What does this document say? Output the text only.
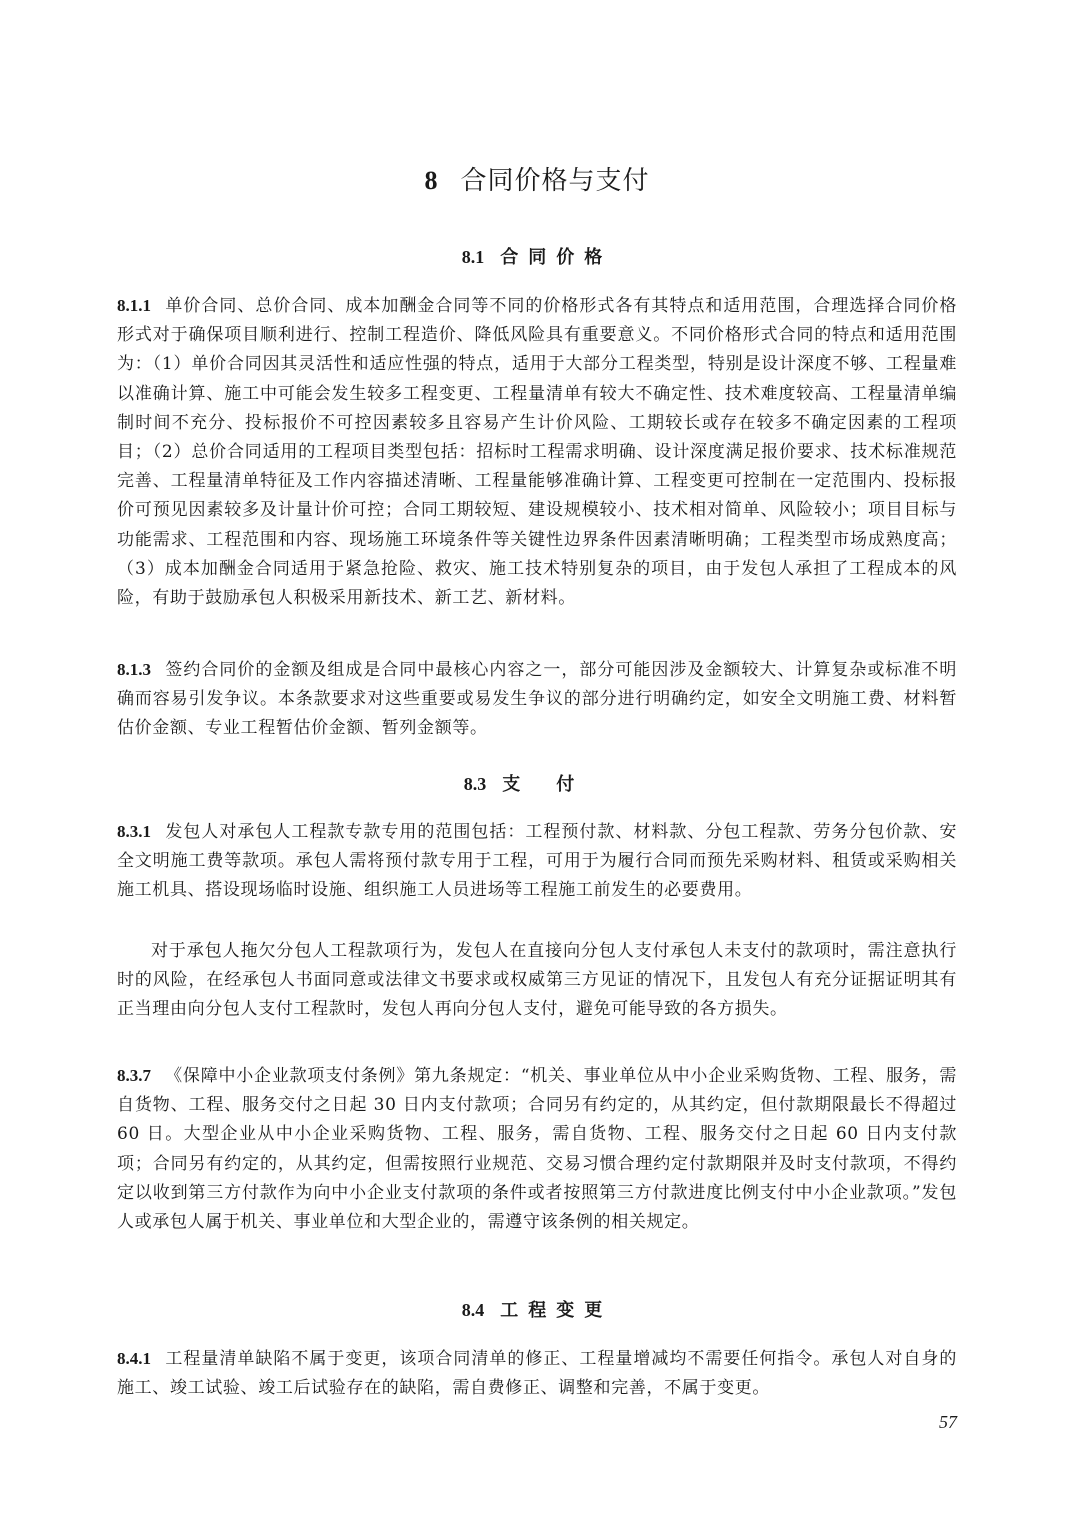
8 合同价格与支付
8.1 合同价格

8.1.1 单价合同、总价合同、成本加酬金合同等不同的价格形式各有其特点和适用范围，合理选择合同价格形式对于确保项目顺利进行、控制工程造价、降低风险具有重要意义。不同价格形式合同的特点和适用范围为：（1）单价合同因其灵活性和适应性强的特点，适用于大部分工程类型，特别是设计深度不够、工程量难以准确计算、施工中可能会发生较多工程变更、工程量清单有较大不确定性、技术难度较高、工程量清单编制时间不充分、投标报价不可控因素较多且容易产生计价风险、工期较长或存在较多不确定因素的工程项目；（2）总价合同适用的工程项目类型包括：招标时工程需求明确、设计深度满足报价要求、技术标准规范完善、工程量清单特征及工作内容描述清晰、工程量能够准确计算、工程变更可控制在一定范围内、投标报价可预见因素较多及计量计价可控；合同工期较短、建设规模较小、技术相对简单、风险较小；项目目标与功能需求、工程范围和内容、现场施工环境条件等关键性边界条件因素清晰明确；工程类型市场成熟度高；（3）成本加酬金合同适用于紧急抢险、救灾、施工技术特别复杂的项目，由于发包人承担了工程成本的风险，有助于鼓励承包人积极采用新技术、新工艺、新材料。

8.1.3 签约合同价的金额及组成是合同中最核心内容之一，部分可能因涉及金额较大、计算复杂或标准不明确而容易引发争议。本条款要求对这些重要或易发生争议的部分进行明确约定，如安全文明施工费、材料暂估价金额、专业工程暂估价金额、暂列金额等。

8.3 支付

8.3.1 发包人对承包人工程款专款专用的范围包括：工程预付款、材料款、分包工程款、劳务分包价款、安全文明施工费等款项。承包人需将预付款专用于工程，可用于为履行合同而预先采购材料、租赁或采购相关施工机具、搭设现场临时设施、组织施工人员进场等工程施工前发生的必要费用。

对于承包人拖欠分包人工程款项行为，发包人在直接向分包人支付承包人未支付的款项时，需注意执行时的风险，在经承包人书面同意或法律文书要求或权威第三方见证的情况下，且发包人有充分证据证明其有正当理由向分包人支付工程款时，发包人再向分包人支付，避免可能导致的各方损失。

8.3.7 《保障中小企业款项支付条例》第九条规定：“机关、事业单位从中小企业采购货物、工程、服务，需自货物、工程、服务交付之日起 30 日内支付款项；合同另有约定的，从其约定，但付款期限最长不得超过 60 日。大型企业从中小企业采购货物、工程、服务，需自货物、工程、服务交付之日起 60 日内支付款项；合同另有约定的，从其约定，但需按照行业规范、交易习惯合理约定付款期限并及时支付款项，不得约定以收到第三方付款作为向中小企业支付款项的条件或者按照第三方付款进度比例支付中小企业款项。”发包人或承包人属于机关、事业单位和大型企业的，需遵守该条例的相关规定。

8.4 工程变更

8.4.1 工程量清单缺陷不属于变更，该项合同清单的修正、工程量增减均不需要任何指令。承包人对自身的施工、竣工试验、竣工后试验存在的缺陷，需自费修正、调整和完善，不属于变更。

57
